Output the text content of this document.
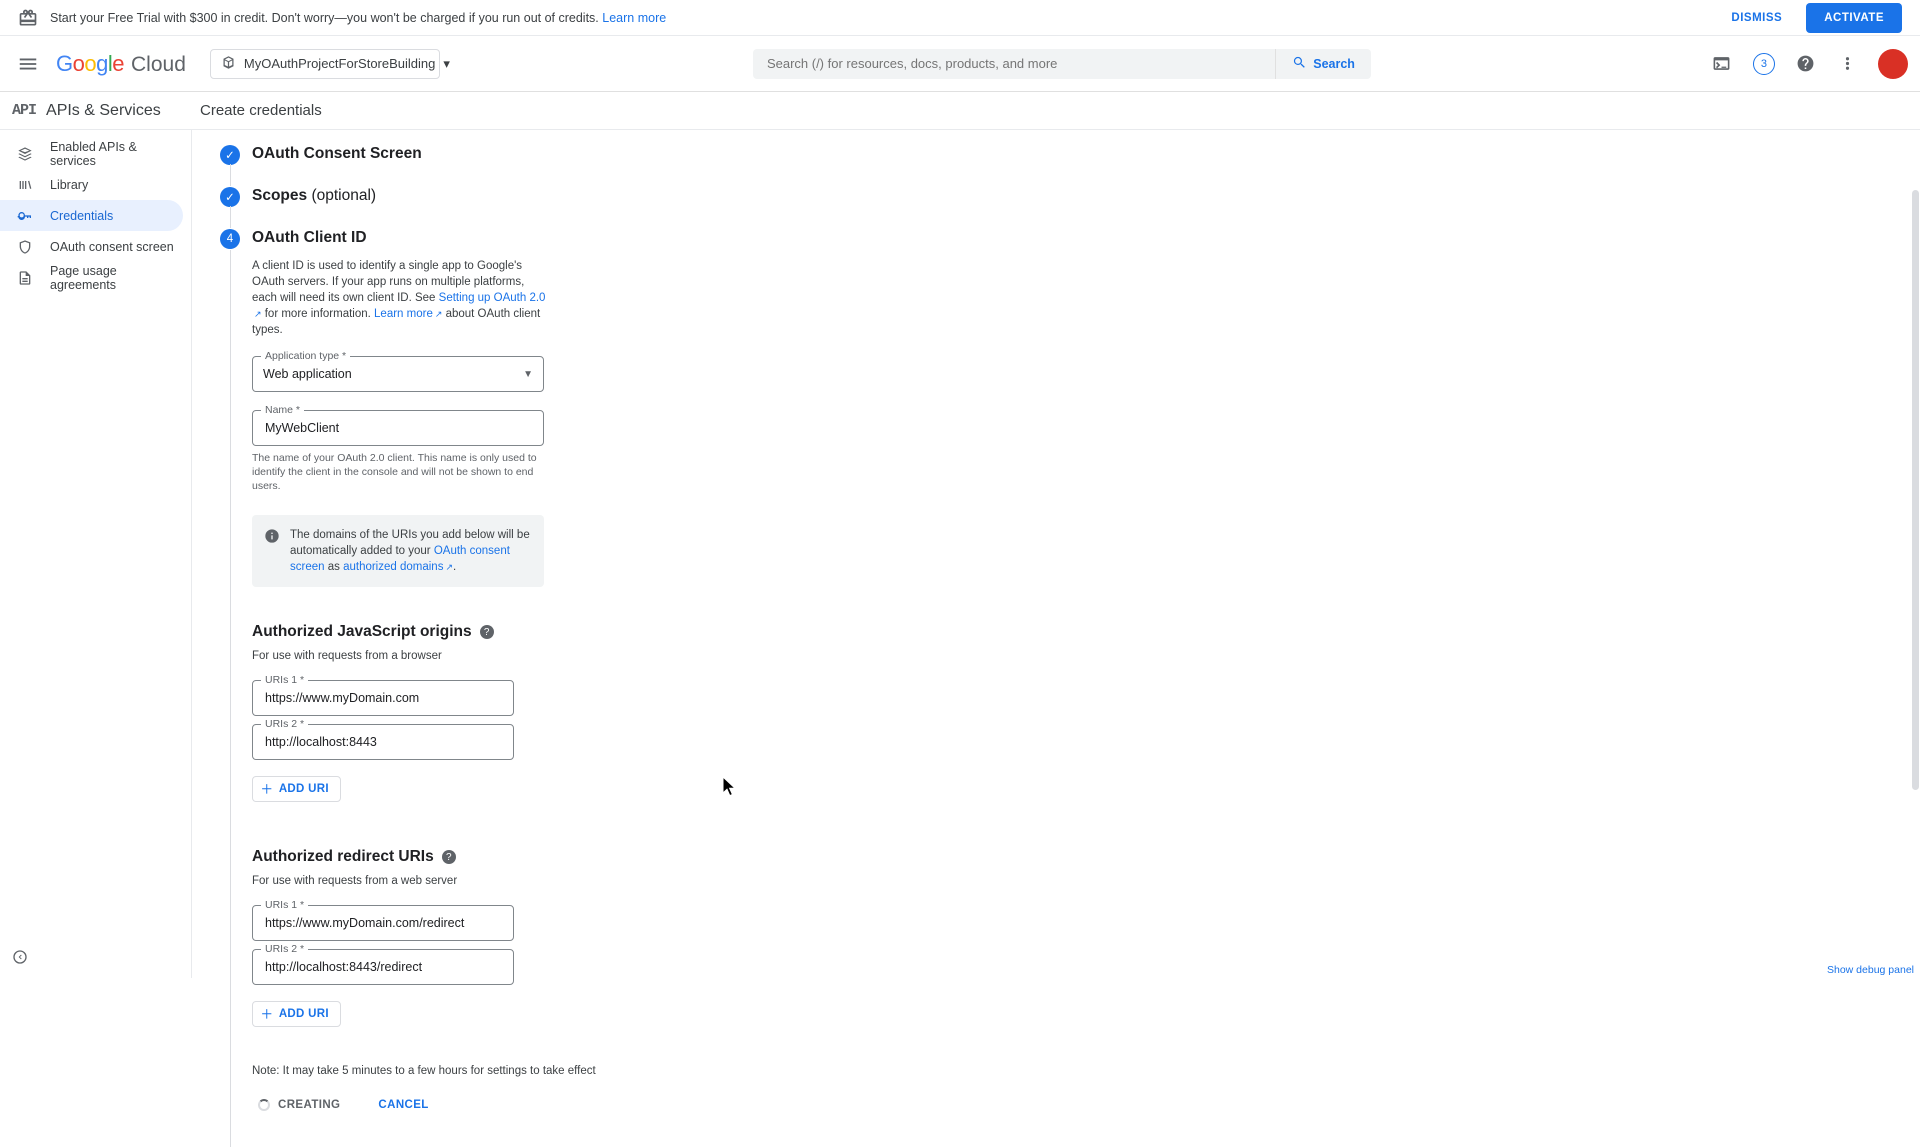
Start your Free Trial with $300 in credit. Don't worry—you won't be charged if you run out of credits. Learn more	DISMISS	ACTIVATE
Google Cloud	MyOAuthProjectForStoreBuilding ▾
Search (/) for resources, docs, products, and more	Search	3
API APIs & Services	Create credentials
Enabled APIs & services
Library
Credentials
OAuth consent screen
Page usage agreements
✓	OAuth Consent Screen
✓	Scopes (optional)
4	OAuth Client ID
A client ID is used to identify a single app to Google's OAuth servers. If your app runs on multiple platforms, each will need its own client ID. See Setting up OAuth 2.0 ↗ for more information. Learn more ↗ about OAuth client types.
Application type *
Web application	▼
Name *
MyWebClient
The name of your OAuth 2.0 client. This name is only used to identify the client in the console and will not be shown to end users.
The domains of the URIs you add below will be automatically added to your OAuth consent screen as authorized domains ↗ .
Authorized JavaScript origins	?
For use with requests from a browser
URIs 1 *
https://www.myDomain.com
URIs 2 *
http://localhost:8443
＋ ADD URI
Authorized redirect URIs	?
For use with requests from a web server
URIs 1 *
https://www.myDomain.com/redirect
URIs 2 *
http://localhost:8443/redirect
＋ ADD URI
Note: It may take 5 minutes to a few hours for settings to take effect
CREATING	CANCEL
Show debug panel
